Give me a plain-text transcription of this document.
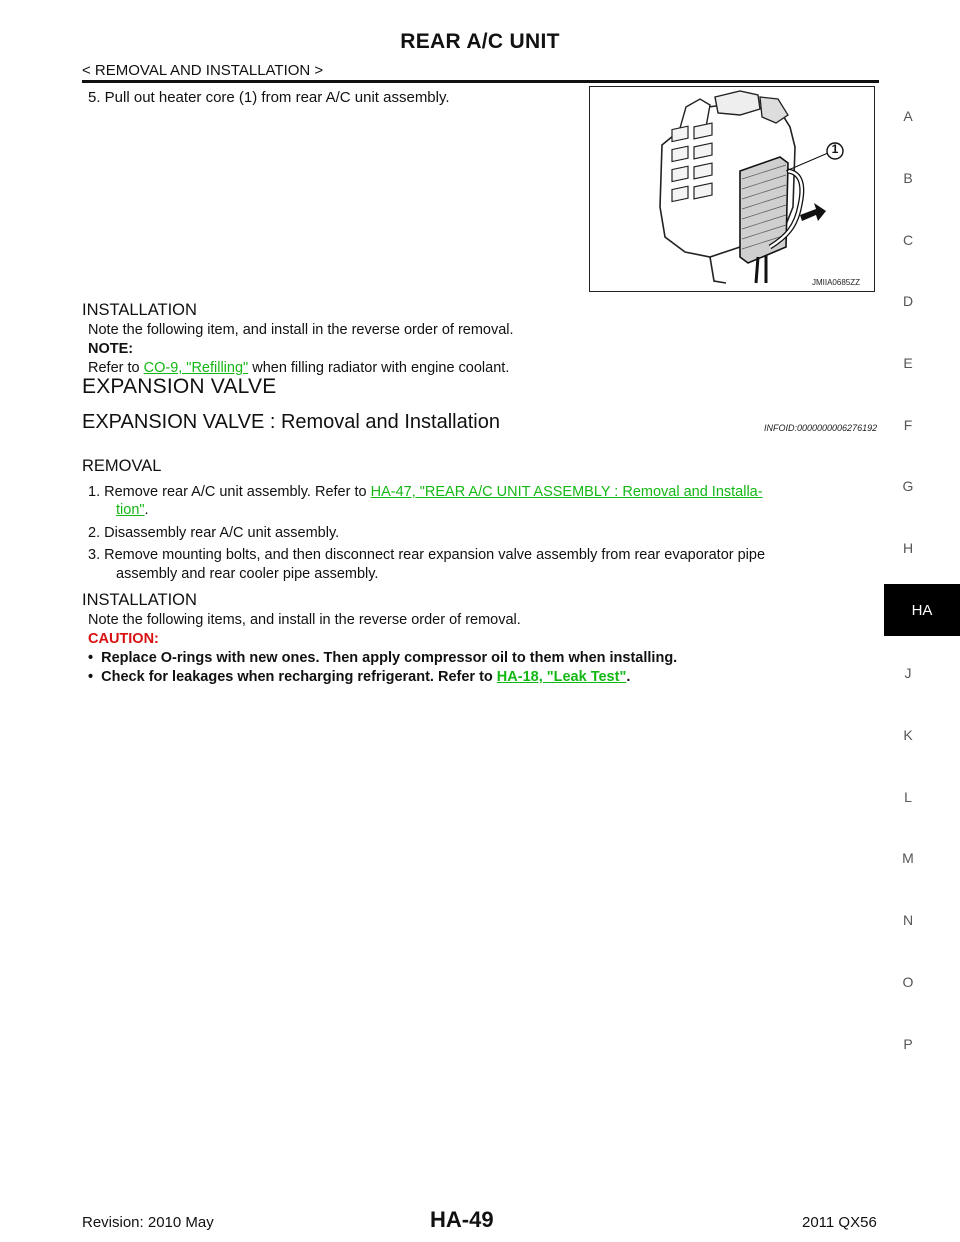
REAR A/C UNIT
< REMOVAL AND INSTALLATION >
A
B
C
D
E
F
G
H
HA
J
K
L
M
N
O
P
5. Pull out heater core (1) from rear A/C unit assembly.
1
JMIIA0685ZZ
INSTALLATION
Note the following item, and install in the reverse order of removal.
NOTE:
Refer to CO-9, "Refilling" when filling radiator with engine coolant.
EXPANSION VALVE
EXPANSION VALVE : Removal and Installation	INFOID:0000000006276192
REMOVAL
1. Remove rear A/C unit assembly. Refer to HA-47, "REAR A/C UNIT ASSEMBLY : Removal and Installa-
tion".
2. Disassembly rear A/C unit assembly.
3. Remove mounting bolts, and then disconnect rear expansion valve assembly from rear evaporator pipe
assembly and rear cooler pipe assembly.
INSTALLATION
Note the following items, and install in the reverse order of removal.
CAUTION:
•  Replace O-rings with new ones. Then apply compressor oil to them when installing.
•  Check for leakages when recharging refrigerant. Refer to HA-18, "Leak Test".
Revision: 2010 May	HA-49	2011 QX56
